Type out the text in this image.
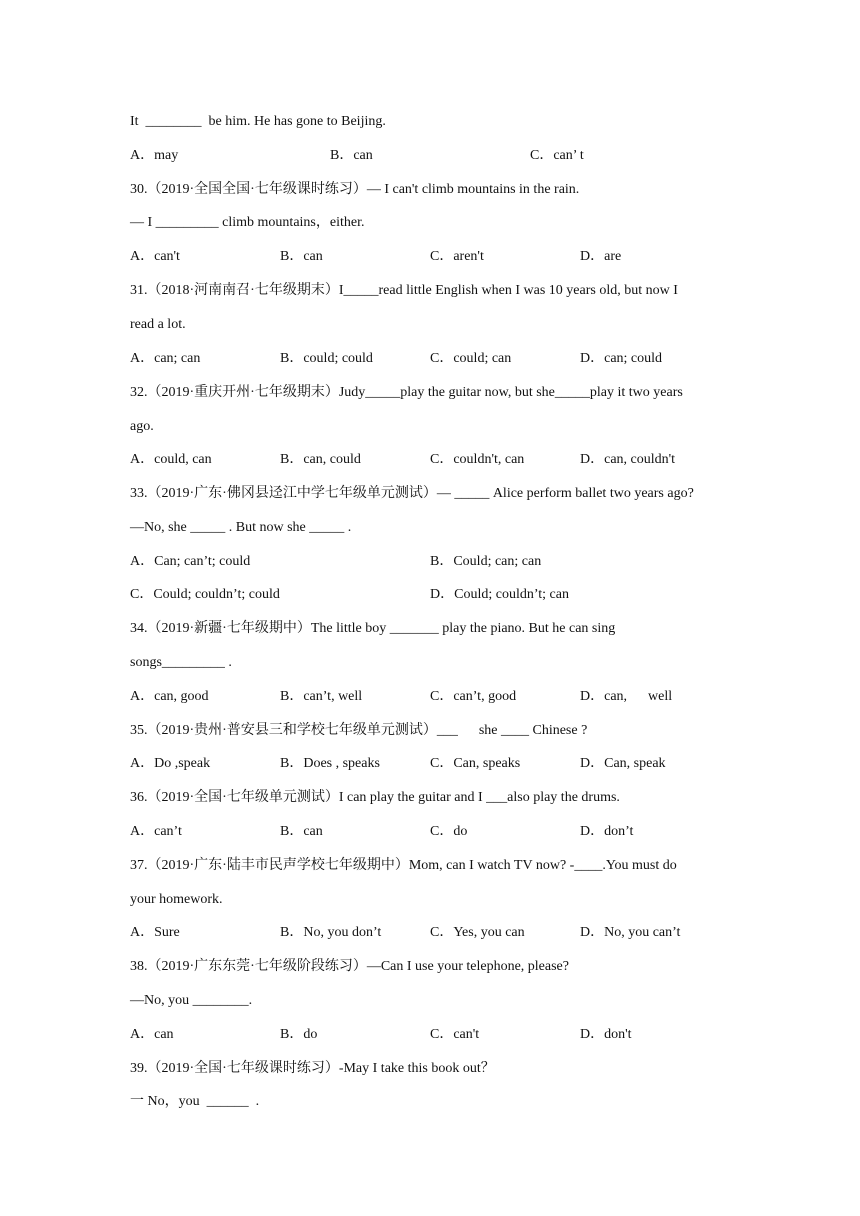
It  ________  be him. He has gone to Beijing.
A．may	B．can	C．can’ t
30.（2019·全国全国·七年级课时练习）— I can't climb mountains in the rain.
— I _________ climb mountains，either.
A．can't	B．can	C．aren't	D．are
31.（2018·河南南召·七年级期末）I_____read little English when I was 10 years old, but now I
read a lot.
A．can; can	B．could; could	C．could; can	D．can; could
32.（2019·重庆开州·七年级期末）Judy_____play the guitar now, but she_____play it two years
ago.
A．could, can	B．can, could	C．couldn't, can	D．can, couldn't
33.（2019·广东·佛冈县迳江中学七年级单元测试）— _____ Alice perform ballet two years ago?
—No, she _____ . But now she _____ .
A．Can; can’t; could	B．Could; can; can
C．Could; couldn’t; could	D．Could; couldn’t; can
34.（2019·新疆·七年级期中）The little boy _______ play the piano. But he can sing
songs_________ .
A．can, good	B．can’t, well	C．can’t, good	D．can,      well
35.（2019·贵州·普安县三和学校七年级单元测试）___      she ____ Chinese ?
A．Do ,speak	B．Does , speaks	C．Can, speaks	D．Can, speak
36.（2019·全国·七年级单元测试）I can play the guitar and I ___also play the drums.
A．can’t	B．can	C．do	D．don’t
37.（2019·广东·陆丰市民声学校七年级期中）Mom, can I watch TV now? -____.You must do
your homework.
A．Sure	B．No, you don’t	C．Yes, you can	D．No, you can’t
38.（2019·广东东莞·七年级阶段练习）—Can I use your telephone, please?
—No, you ________.
A．can	B．do	C．can't	D．don't
39.（2019·全国·七年级课时练习）-May I take this book out？
一 No，you  ______  .
